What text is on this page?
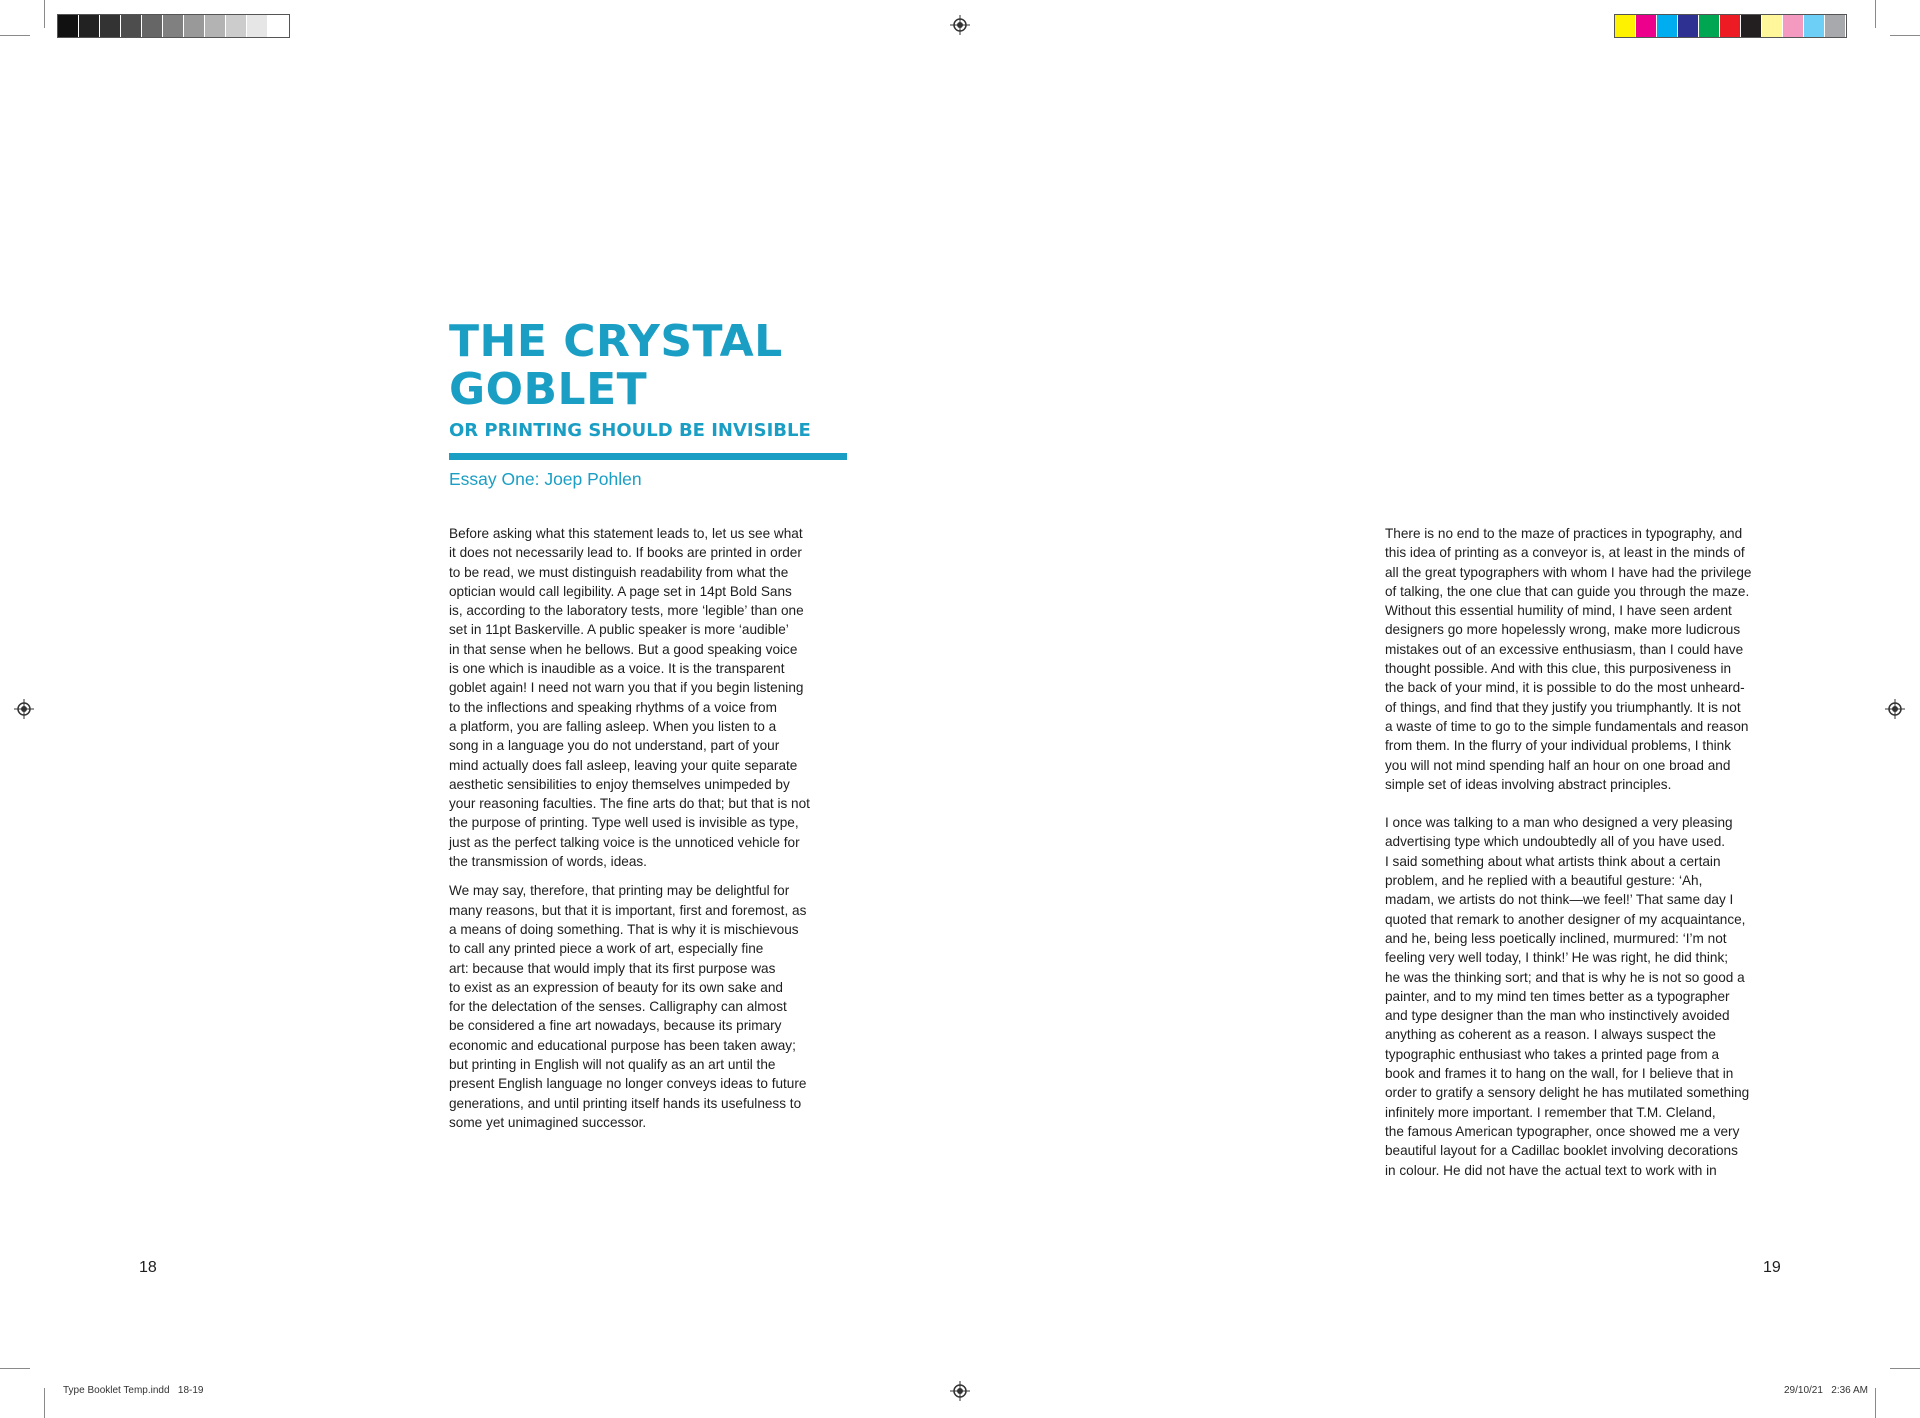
THE CRYSTAL
GOBLET
OR PRINTING SHOULD BE INVISIBLE

Essay One: Joep Pohlen

Before asking what this statement leads to, let us see what
it does not necessarily lead to. If books are printed in order
to be read, we must distinguish readability from what the
optician would call legibility. A page set in 14pt Bold Sans
is, according to the laboratory tests, more ‘legible’ than one
set in 11pt Baskerville. A public speaker is more ‘audible’
in that sense when he bellows. But a good speaking voice
is one which is inaudible as a voice. It is the transparent
goblet again! I need not warn you that if you begin listening
to the inflections and speaking rhythms of a voice from
a platform, you are falling asleep. When you listen to a
song in a language you do not understand, part of your
mind actually does fall asleep, leaving your quite separate
aesthetic sensibilities to enjoy themselves unimpeded by
your reasoning faculties. The fine arts do that; but that is not
the purpose of printing. Type well used is invisible as type,
just as the perfect talking voice is the unnoticed vehicle for
the transmission of words, ideas.

We may say, therefore, that printing may be delightful for
many reasons, but that it is important, first and foremost, as
a means of doing something. That is why it is mischievous
to call any printed piece a work of art, especially fine
art: because that would imply that its first purpose was
to exist as an expression of beauty for its own sake and
for the delectation of the senses. Calligraphy can almost
be considered a fine art nowadays, because its primary
economic and educational purpose has been taken away;
but printing in English will not qualify as an art until the
present English language no longer conveys ideas to future
generations, and until printing itself hands its usefulness to
some yet unimagined successor.

There is no end to the maze of practices in typography, and
this idea of printing as a conveyor is, at least in the minds of
all the great typographers with whom I have had the privilege
of talking, the one clue that can guide you through the maze.
Without this essential humility of mind, I have seen ardent
designers go more hopelessly wrong, make more ludicrous
mistakes out of an excessive enthusiasm, than I could have
thought possible. And with this clue, this purposiveness in
the back of your mind, it is possible to do the most unheard-
of things, and find that they justify you triumphantly. It is not
a waste of time to go to the simple fundamentals and reason
from them. In the flurry of your individual problems, I think
you will not mind spending half an hour on one broad and
simple set of ideas involving abstract principles.

I once was talking to a man who designed a very pleasing
advertising type which undoubtedly all of you have used.
I said something about what artists think about a certain
problem, and he replied with a beautiful gesture: ‘Ah,
madam, we artists do not think—we feel!’ That same day I
quoted that remark to another designer of my acquaintance,
and he, being less poetically inclined, murmured: ‘I’m not
feeling very well today, I think!’ He was right, he did think;
he was the thinking sort; and that is why he is not so good a
painter, and to my mind ten times better as a typographer
and type designer than the man who instinctively avoided
anything as coherent as a reason. I always suspect the
typographic enthusiast who takes a printed page from a
book and frames it to hang on the wall, for I believe that in
order to gratify a sensory delight he has mutilated something
infinitely more important. I remember that T.M. Cleland,
the famous American typographer, once showed me a very
beautiful layout for a Cadillac booklet involving decorations
in colour. He did not have the actual text to work with in

18	19
Type Booklet Temp.indd   18-19	29/10/21   2:36 AM
